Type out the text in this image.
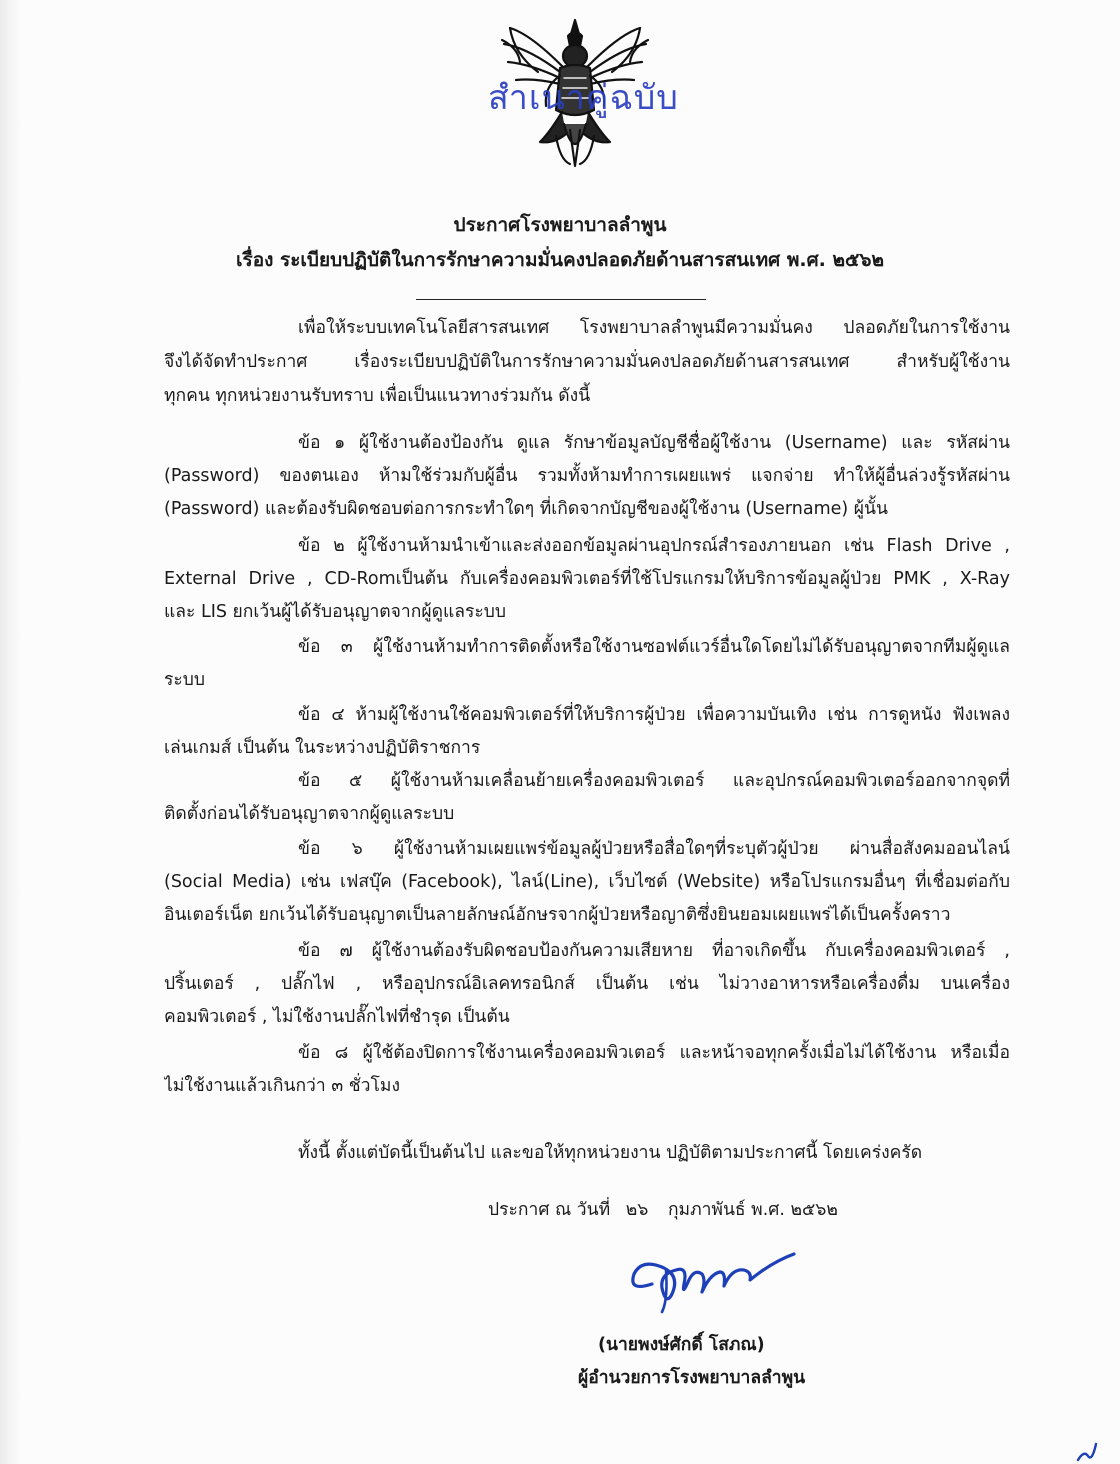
สำเนาคู่ฉบับ
ประกาศโรงพยาบาลลำพูน
เรื่อง ระเบียบปฏิบัติในการรักษาความมั่นคงปลอดภัยด้านสารสนเทศ พ.ศ. ๒๕๖๒
เพื่อให้ระบบเทคโนโลยีสารสนเทศ โรงพยาบาลลำพูนมีความมั่นคง ปลอดภัยในการใช้งาน
จึงได้จัดทำประกาศ เรื่องระเบียบปฏิบัติในการรักษาความมั่นคงปลอดภัยด้านสารสนเทศ สำหรับผู้ใช้งาน
ทุกคน ทุกหน่วยงานรับทราบ เพื่อเป็นแนวทางร่วมกัน ดังนี้
ข้อ ๑ ผู้ใช้งานต้องป้องกัน ดูแล รักษาข้อมูลบัญชีชื่อผู้ใช้งาน (Username) และ รหัสผ่าน
(Password) ของตนเอง ห้ามใช้ร่วมกับผู้อื่น รวมทั้งห้ามทำการเผยแพร่ แจกจ่าย ทำให้ผู้อื่นล่วงรู้รหัสผ่าน
(Password) และต้องรับผิดชอบต่อการกระทำใดๆ ที่เกิดจากบัญชีของผู้ใช้งาน (Username) ผู้นั้น
ข้อ ๒ ผู้ใช้งานห้ามนำเข้าและส่งออกข้อมูลผ่านอุปกรณ์สำรองภายนอก เช่น Flash Drive ,
External Drive , CD-Romเป็นต้น กับเครื่องคอมพิวเตอร์ที่ใช้โปรแกรมให้บริการข้อมูลผู้ป่วย PMK , X-Ray
และ LIS ยกเว้นผู้ได้รับอนุญาตจากผู้ดูแลระบบ
ข้อ ๓ ผู้ใช้งานห้ามทำการติดตั้งหรือใช้งานซอฟต์แวร์อื่นใดโดยไม่ได้รับอนุญาตจากทีมผู้ดูแล
ระบบ
ข้อ ๔ ห้ามผู้ใช้งานใช้คอมพิวเตอร์ที่ให้บริการผู้ป่วย เพื่อความบันเทิง เช่น การดูหนัง ฟังเพลง
เล่นเกมส์ เป็นต้น ในระหว่างปฏิบัติราชการ
ข้อ ๕ ผู้ใช้งานห้ามเคลื่อนย้ายเครื่องคอมพิวเตอร์ และอุปกรณ์คอมพิวเตอร์ออกจากจุดที่
ติดตั้งก่อนได้รับอนุญาตจากผู้ดูแลระบบ
ข้อ ๖ ผู้ใช้งานห้ามเผยแพร่ข้อมูลผู้ป่วยหรือสื่อใดๆที่ระบุตัวผู้ป่วย ผ่านสื่อสังคมออนไลน์
(Social Media) เช่น เฟสบุ๊ค (Facebook), ไลน์(Line), เว็บไซต์ (Website) หรือโปรแกรมอื่นๆ ที่เชื่อมต่อกับ
อินเตอร์เน็ต ยกเว้นได้รับอนุญาตเป็นลายลักษณ์อักษรจากผู้ป่วยหรือญาติซึ่งยินยอมเผยแพร่ได้เป็นครั้งคราว
ข้อ ๗ ผู้ใช้งานต้องรับผิดชอบป้องกันความเสียหาย ที่อาจเกิดขึ้น กับเครื่องคอมพิวเตอร์ ,
ปริ้นเตอร์ , ปลั๊กไฟ , หรืออุปกรณ์อิเลคทรอนิกส์ เป็นต้น เช่น ไม่วางอาหารหรือเครื่องดื่ม บนเครื่อง
คอมพิวเตอร์ , ไม่ใช้งานปลั๊กไฟที่ชำรุด เป็นต้น
ข้อ ๘ ผู้ใช้ต้องปิดการใช้งานเครื่องคอมพิวเตอร์ และหน้าจอทุกครั้งเมื่อไม่ได้ใช้งาน หรือเมื่อ
ไม่ใช้งานแล้วเกินกว่า ๓ ชั่วโมง
ทั้งนี้ ตั้งแต่บัดนี้เป็นต้นไป และขอให้ทุกหน่วยงาน ปฏิบัติตามประกาศนี้ โดยเคร่งครัด
ประกาศ ณ วันที่ ๒๖ กุมภาพันธ์ พ.ศ. ๒๕๖๒
(นายพงษ์ศักดิ์ โสภณ)
ผู้อำนวยการโรงพยาบาลลำพูน
